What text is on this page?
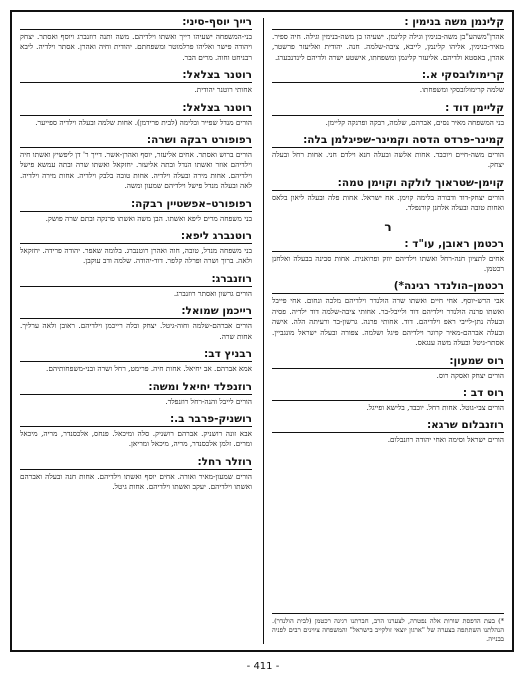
קלינמן משה בנימין :
אהרן"משהע"בן משה-בנימין וגילה קלינמן. ישעיהו בן משה-בנימין וגילה. חיה ספיר. מאיר-בנימין, אליהו קלינמן, לייבא, ציבה-שלמה. חנה. יהודית ואליעזר פרשטר, אהרן, באסטא ולדיהם. אליעזר קלינמן ומשפחתו, אישטע ישרה ולדיהם לינדנבערג.
קרימולובסקי א.:
שלמה קרימולובסקי ומשפחתו.
קליימן דוד :
בני המשפחה מאיר נסים, אברהם, שלמה, רבקה ופרנקה קליימן.
קמינר-פרדס הדסה וקמינר-שפיגלמן בלה:
הורים משה-חיים ויוכבד. אחות אלשה ובעלה חנא וילדם חני. אחות רחל ובעלה יצחק.
קוימן-שטראוך לולקה וקוימן טמה:
הורים יצחק-דוד ודבורה בלימה קוימן. אח ישראל. אחות פלה ובעלה ליאון בלאס ואחות טובה ובעלה אלחנן קורנפלד.
ר
רכטמן ראובן, עו"ד :
אחים לתציון חנה-רחל ואשתו וילדיהם יוזק ופרואנית. אחות סבינה בבעלה ואלחנן רכטמן.
רכטמן–הולנדר רגינה*)
אבי הרש-יוסף. אחי חיים ואשתו שרה הולנדר וילדיהם מלכה ונחום. אחי פייבל ואשתו פרנה הולנדר וילדיהם דוד ולייבל-בר. אחותי ציבה-שלמה דוד ילדיה. פסיה ובעלה נתן-לייבי ראפ וילדיהם. דוד. אחותי פרנה. גרשון-בר ורעיתה הלה. אישה ובעלה אברהם-מאיר קרוגר וילדיהם פיגל ושלמה. צפורה ובעלה ישראל מונגביין. אסתר-גיטל ובעלה משה ענגאס.
רוס שמעון:
הורים יצחק ואסקה רוס.
רוס דב :
הורים צבי-גוטל. אחות רחל. יוכבד, בלישא ופייגל.
רוזנבלום שרגא:
הורים ישראל וסימה ואחי יהודה רוזנבלום.
*) בעת הדפסת שורות אלה נפטרה, לצערנו הרב, חברתנו רגינה רכטמן (לבית הולנדר). הנהלתנו השתתפה בצערה של "ארגון יוצאי זולקייב בישראל" והמשפחה ציוינים רבים לפניה בבנייה.
רייך יוסף-סיני:
בני-המשפחה ישעיהו רייך ואשתו וילדיהם. משה ותנה רוזנברג ויוסף ואסתר. יצחק ויהודה פישר ואליהו פרלמוטר ומשפחתם. יהודית וחיה ואהרן. אסתר וילדיה. ליבא רבניחט וחוה. מרים הבר.
רוטנר בצלאל:
אחותי רוטנר יהודית.
רוטנר בצלאל:
הורים מנדל שפייר ובלימה (לבית פרידמן). אחות שלמה ובעלה וילדיה ספייער.
רפופורט רבקה ושרה:
הורים ברוש ואסתר. אחים אליעזר, יוסף ואהרן-אשר. דייך ר' דן ליפשיץ ואשתו חיה וילדיהם אוזר ואשתו הנדל ובתה אליעזר. יחזקאל ואשתו שרה ובתה עמשא פישל וילדיהם. אחות מירה ובעלה וילדיה. אחות טובה בלבק וילדיה. אחות מירה וילדיה. לאה ובעלה מנדל פישל וילדיהם שמעון ומשה.
רפופורט–אפשטיין רבקה:
בני משפחה מרים ליפא ואשתו. הבן משה ואשתו פרנקה ובתם שרה פושק.
רוטנברג ליפא:
בני משפחה מנדל, טובה, חוה ואהרן רוטנברג. בלומה שאפר. יהודה פרידה. יחזקאל ולאה. ברוך ושרה ופרלה קלפר. דוד-יהודה. שלמה ודב עוקבן.
רוזנברג:
הורים גרשון ואסתר רוזנברג.
רייכמן שמואל:
הורים אברהם-שלמה וחוה-גיטל. יצחק ובלה רייכמן וילדיהם. ראובן ולאה ערליך. אחות שרה.
רבניץ דב:
אמא אברהם. אב יחיאל. אחות חיה. פרימט, רחל ושרה ובני-משפחותיהם.
רוזנפלד יחיאל ומשה:
הורים לייבל והנה-רחל רוזנפלד.
רושניק-פרבר ב.:
אבא זונה רושניק. אברהם רושניק. סלה ומיכאל. פנחס, אלכסנדר, מריה, מיכאל ומרים. זלמן אלכסנדר, מריה, מיכאל ומריאן.
רוזלר רחל:
הורים שמעון-מאיר ואורה. אחים יוסף ואשתו וילדיהם. אחות חנה ובעלה ואברהם ואשתו וילדיהם. יעקב ואשתו וילדיהם. אחות גיטל.
- 411 -
